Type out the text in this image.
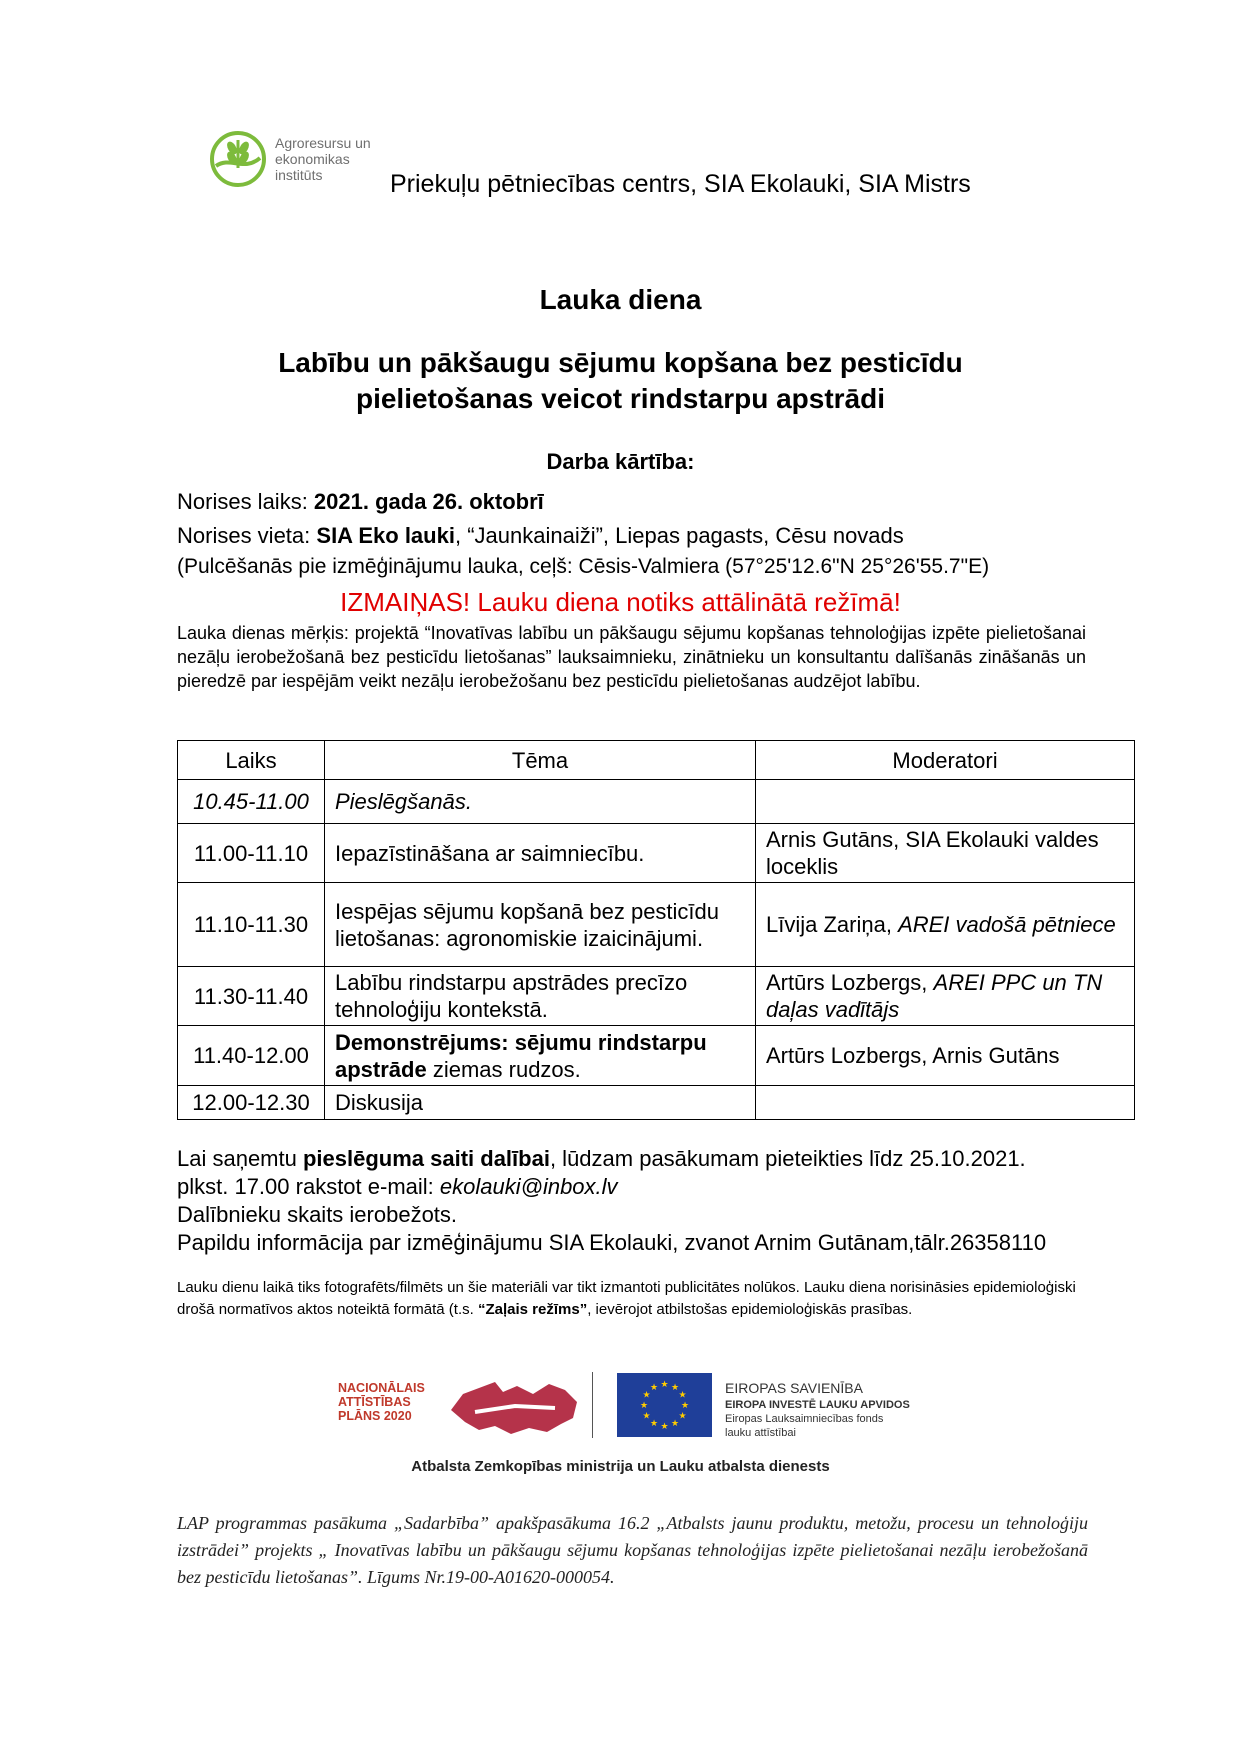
Agroresursu un
ekonomikas
institūts	Priekuļu pētniecības centrs, SIA Ekolauki, SIA Mistrs
Lauka diena
Labību un pākšaugu sējumu kopšana bez pesticīdu
pielietošanas veicot rindstarpu apstrādi
Darba kārtība:
Norises laiks: 2021. gada 26. oktobrī
Norises vieta: SIA Eko lauki, “Jaunkainaiži”, Liepas pagasts, Cēsu novads
(Pulcēšanās pie izmēģinājumu lauka, ceļš: Cēsis-Valmiera (57°25'12.6"N 25°26'55.7"E)
IZMAIŅAS! Lauku diena notiks attālinātā režīmā!
Lauka dienas mērķis: projektā “Inovatīvas labību un pākšaugu sējumu kopšanas tehnoloģijas izpēte pielietošanai nezāļu ierobežošanā bez pesticīdu lietošanas” lauksaimnieku, zinātnieku un konsultantu dalīšanās zināšanās un pieredzē par iespējām veikt nezāļu ierobežošanu bez pesticīdu pielietošanas audzējot labību.
Laiks	Tēma	Moderatori
10.45-11.00	Pieslēgšanās.	
11.00-11.10	Iepazīstināšana ar saimniecību.	Arnis Gutāns, SIA Ekolauki valdes loceklis
11.10-11.30	Iespējas sējumu kopšanā bez pesticīdu lietošanas: agronomiskie izaicinājumi.	Līvija Zariņa, AREI vadošā pētniece
11.30-11.40	Labību rindstarpu apstrādes precīzo tehnoloģiju kontekstā.	Artūrs Lozbergs, AREI PPC un TN daļas vadītājs
11.40-12.00	Demonstrējums: sējumu rindstarpu apstrāde ziemas rudzos.	Artūrs Lozbergs, Arnis Gutāns
12.00-12.30	Diskusija	

Lai saņemtu pieslēguma saiti dalībai, lūdzam pasākumam pieteikties līdz 25.10.2021.

plkst. 17.00 rakstot e-mail: ekolauki@inbox.lv

Dalībnieku skaits ierobežots.

Papildu informācija par izmēģinājumu SIA Ekolauki, zvanot Arnim Gutānam,tālr.26358110

Lauku dienu laikā tiks fotografēts/filmēts un šie materiāli var tikt izmantoti publicitātes nolūkos. Lauku diena norisināsies epidemioloģiski drošā normatīvos aktos noteiktā formātā (t.s. “Zaļais režīms”, ievērojot atbilstošas epidemioloģiskās prasības.
NACIONĀLAIS
ATTĪSTĪBAS
PLĀNS 2020
★ ★
★
★
★
★
★
★
★
★
★
★	EIROPAS SAVIENĪBA
EIROPA INVESTĒ LAUKU APVIDOS
Eiropas Lauksaimniecības fonds
lauku attīstībai
Atbalsta Zemkopības ministrija un Lauku atbalsta dienests
LAP programmas pasākuma „Sadarbība” apakšpasākuma 16.2 „Atbalsts jaunu produktu, metožu, procesu un tehnoloģiju izstrādei” projekts „ Inovatīvas labību un pākšaugu sējumu kopšanas tehnoloģijas izpēte pielietošanai nezāļu ierobežošanā bez pesticīdu lietošanas”. Līgums Nr.19-00-A01620-000054.
